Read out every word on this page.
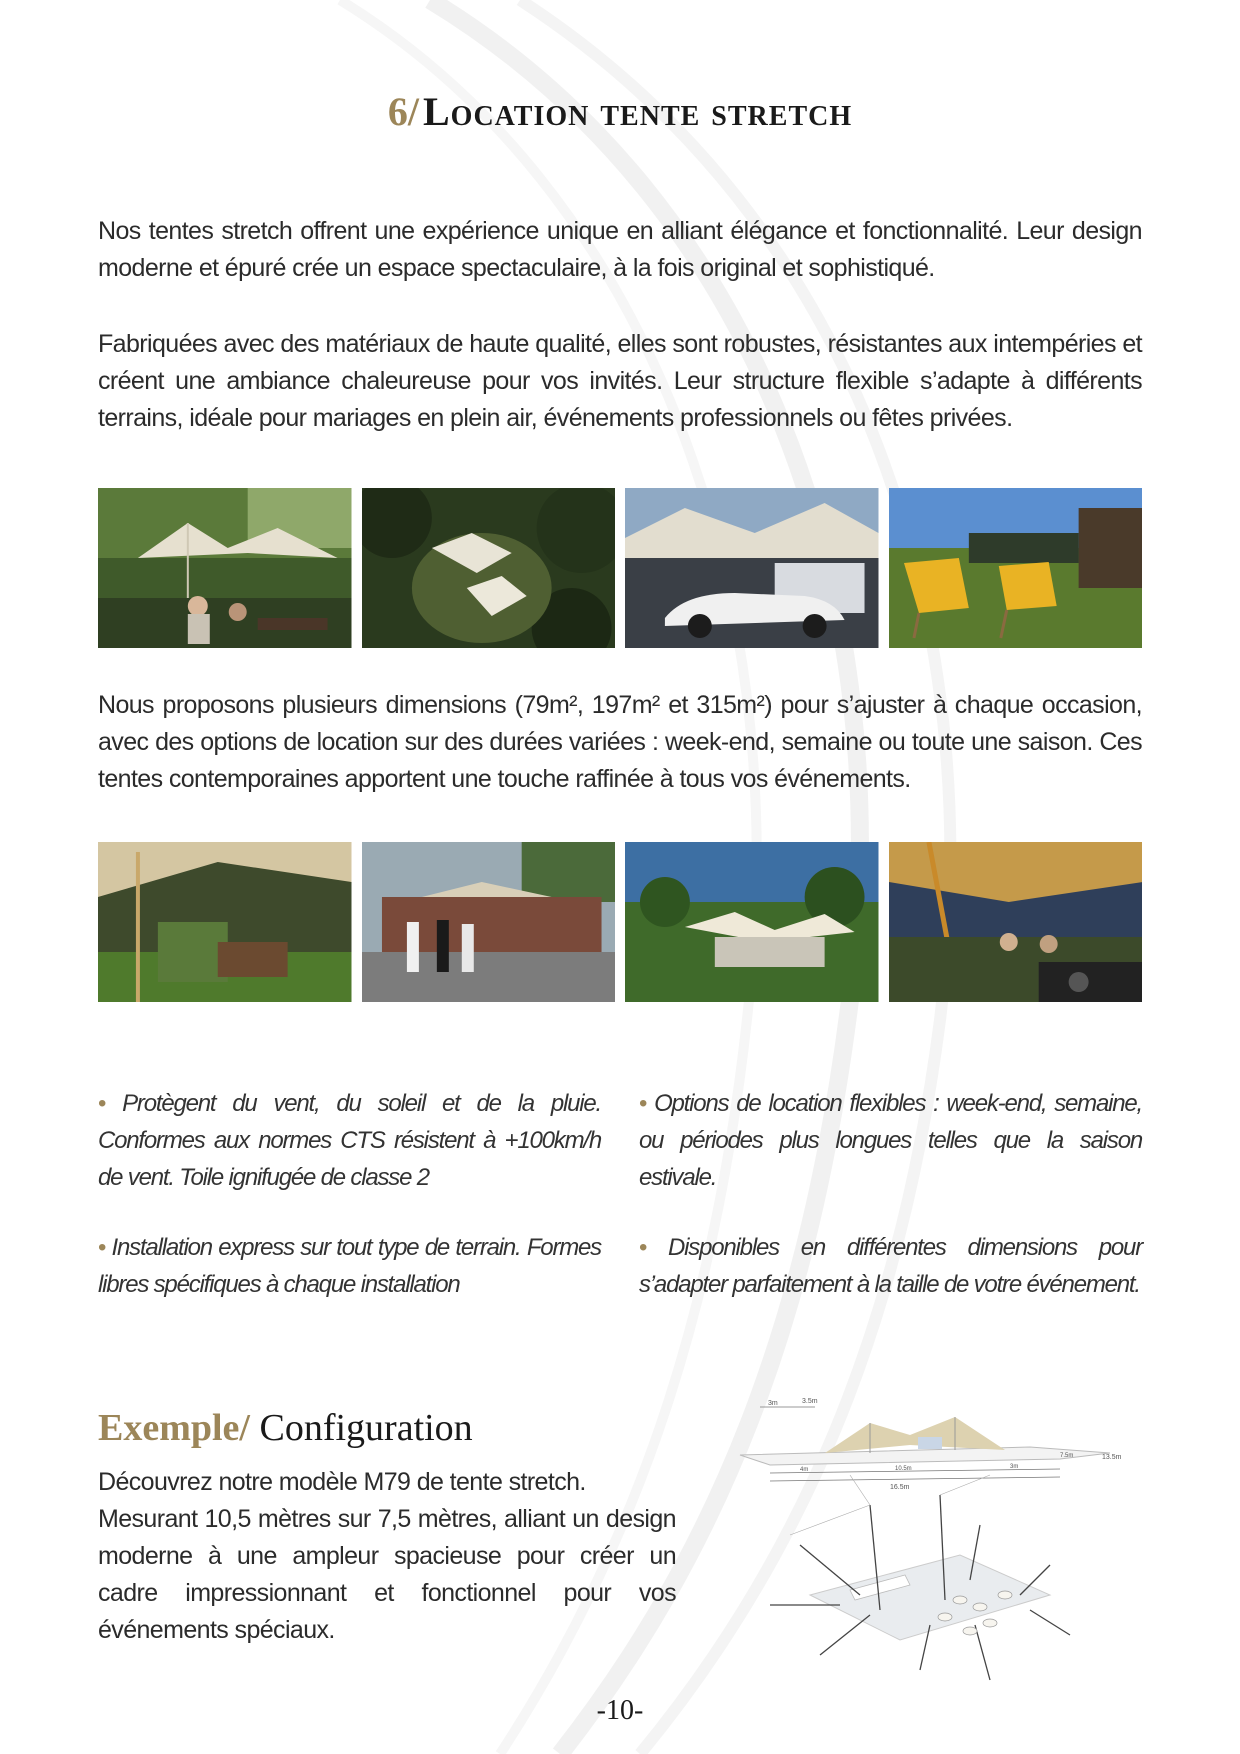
6/ Location tente stretch
Nos tentes stretch offrent une expérience unique en alliant élégance et fonctionnalité. Leur design moderne et épuré crée un espace spectaculaire, à la fois original et sophistiqué.
Fabriquées avec des matériaux de haute qualité, elles sont robustes, résistantes aux intempéries et créent une ambiance chaleureuse pour vos invités. Leur structure flexible s’adapte à différents terrains, idéale pour mariages en plein air, événements professionnels ou fêtes privées.
Nous proposons plusieurs dimensions (79m², 197m² et 315m²) pour s’ajuster à chaque occasion, avec des options de location sur des durées variées : week-end, semaine ou toute une saison. Ces tentes contemporaines apportent une touche raffinée à tous vos événements.
• Protègent du vent, du soleil et de la pluie. Conformes aux normes CTS résistent à +100km/h de vent. Toile ignifugée de classe 2
• Options de location flexibles : week-end, semaine, ou périodes plus longues telles que la saison estivale.
• Installation express sur tout type de terrain. Formes libres spécifiques à chaque installation
• Disponibles en différentes dimensions pour s’adapter parfaitement à la taille de votre événement.
Exemple/ Configuration

Découvrez notre modèle M79 de tente stretch.

Mesurant 10,5 mètres sur 7,5 mètres, alliant un design moderne à une ampleur spacieuse pour créer un cadre impressionnant et fonctionnel pour vos événements spéciaux.

3m	3.5m
4m	10.5m	3m
16.5m
7.5m	13.5m
-10-
